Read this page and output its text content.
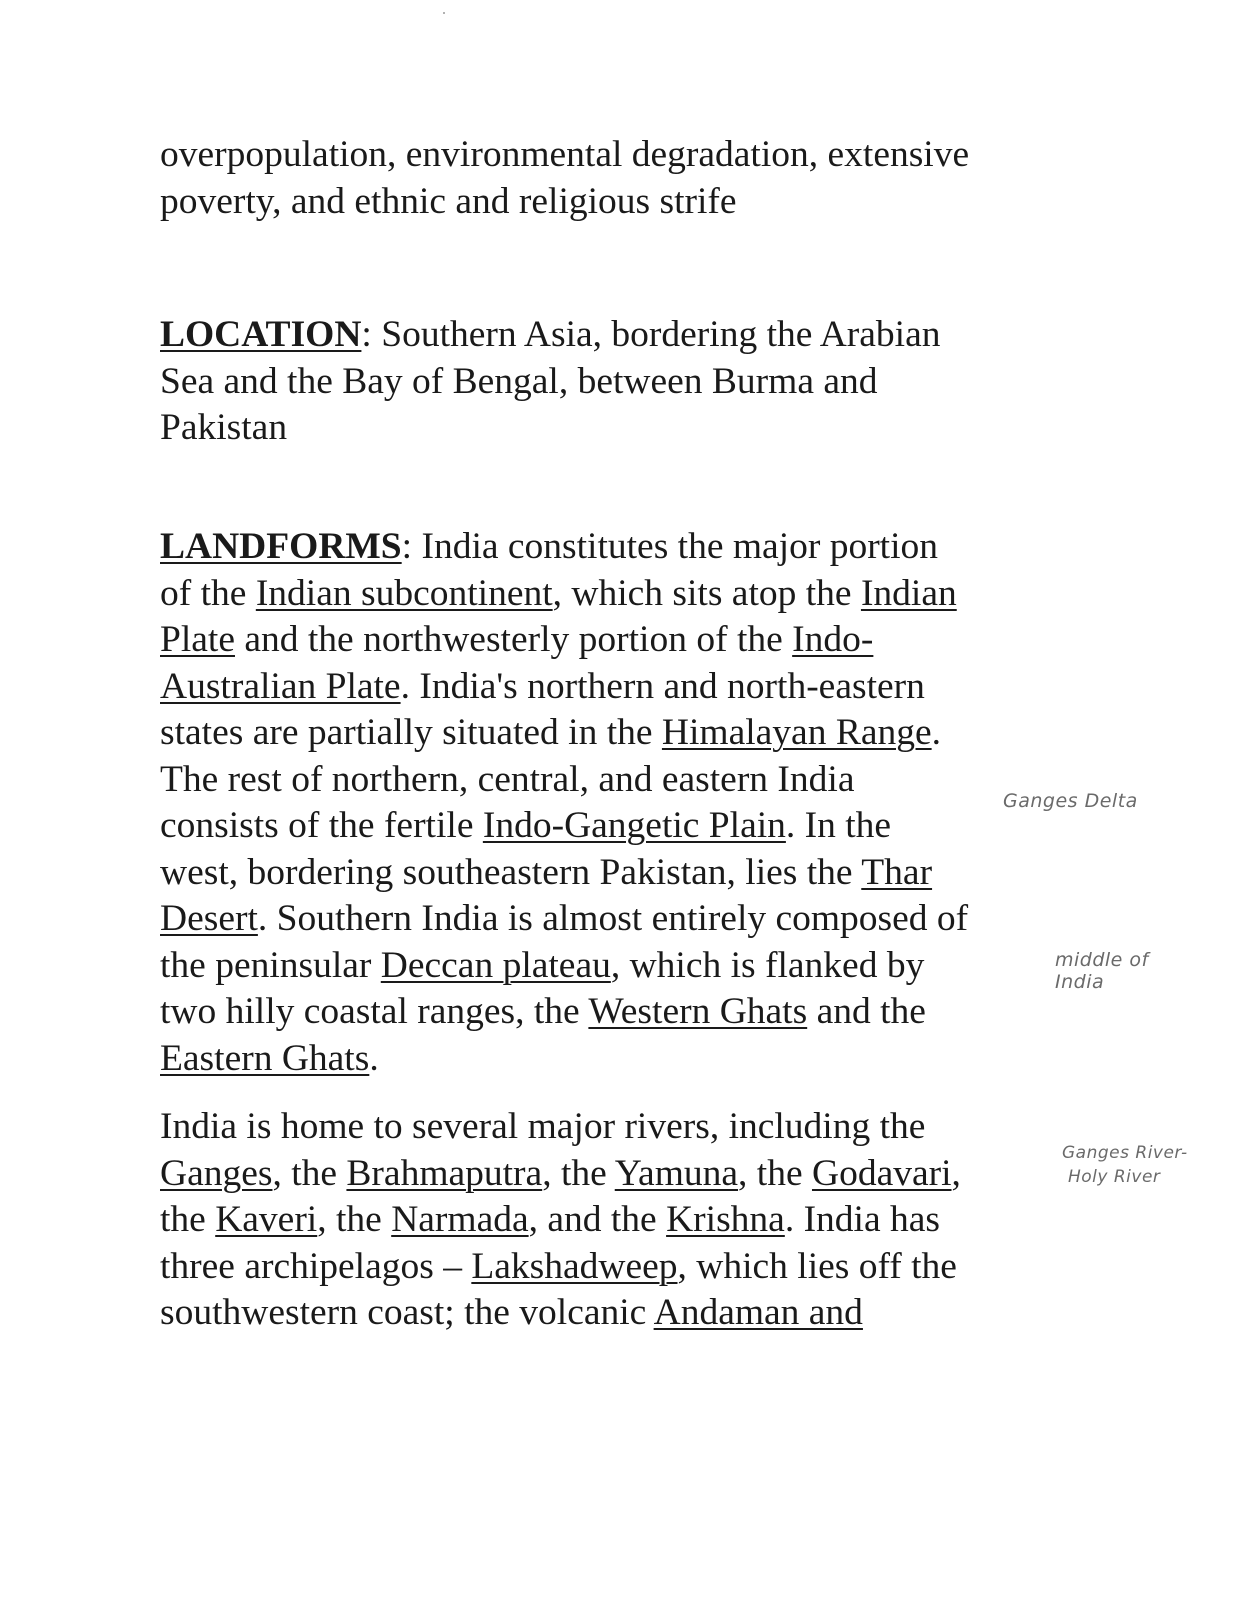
overpopulation, environmental degradation, extensive
poverty, and ethnic and religious strife

LOCATION: Southern Asia, bordering the Arabian
Sea and the Bay of Bengal, between Burma and
Pakistan

LANDFORMS: India constitutes the major portion
of the Indian subcontinent, which sits atop the Indian
Plate and the northwesterly portion of the Indo-
Australian Plate. India's northern and north-eastern
states are partially situated in the Himalayan Range.
The rest of northern, central, and eastern India
consists of the fertile Indo-Gangetic Plain. In the
west, bordering southeastern Pakistan, lies the Thar
Desert. Southern India is almost entirely composed of
the peninsular Deccan plateau, which is flanked by
two hilly coastal ranges, the Western Ghats and the
Eastern Ghats.

India is home to several major rivers, including the
Ganges, the Brahmaputra, the Yamuna, the Godavari,
the Kaveri, the Narmada, and the Krishna. India has
three archipelagos – Lakshadweep, which lies off the
southwestern coast; the volcanic Andaman and

Ganges Delta
middle of
India
Ganges River-
Holy River
